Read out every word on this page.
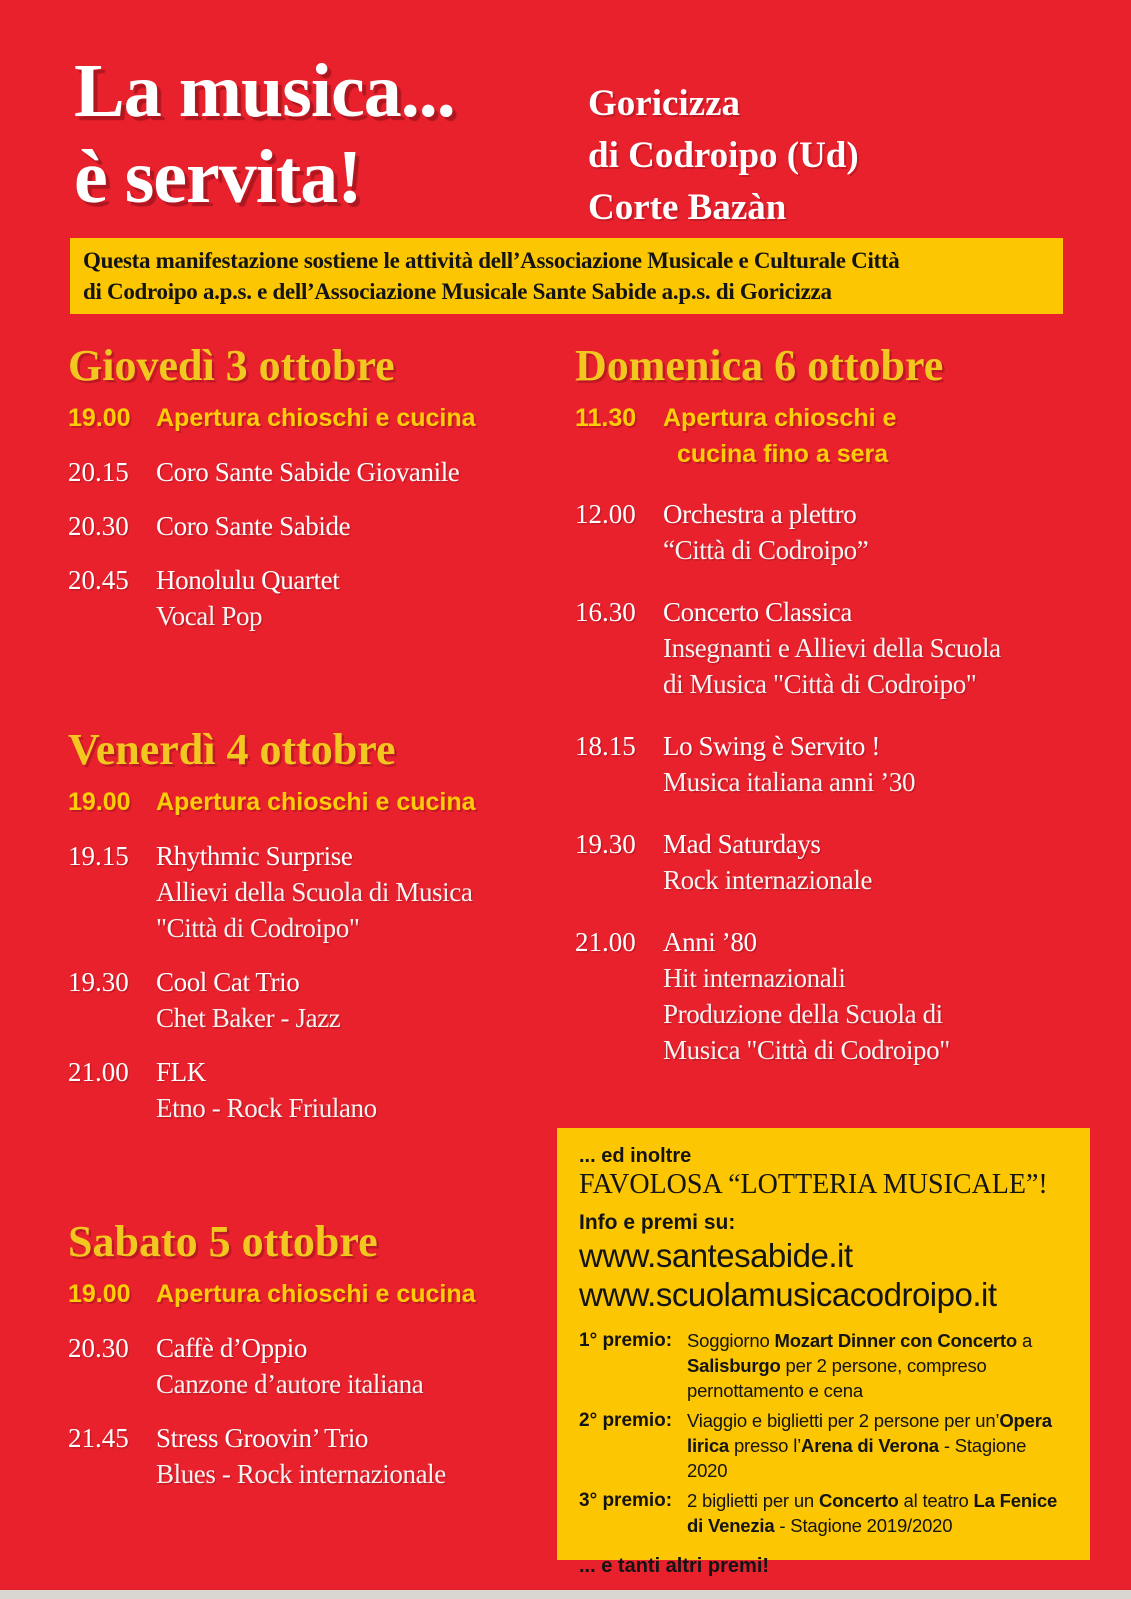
La musica...
è servita!
Goricizza
di Codroipo (Ud)
Corte Bazàn
Questa manifestazione sostiene le attività dell’Associazione Musicale e Culturale Città
di Codroipo a.p.s. e dell’Associazione Musicale Sante Sabide a.p.s. di Goricizza
Giovedì 3 ottobre
19.00	Apertura chioschi e cucina
20.15	Coro Sante Sabide Giovanile
20.30	Coro Sante Sabide
20.45	Honolulu Quartet
Vocal Pop
Venerdì 4 ottobre
19.00	Apertura chioschi e cucina
19.15	Rhythmic Surprise
Allievi della Scuola di Musica
"Città di Codroipo"
19.30	Cool Cat Trio
Chet Baker - Jazz
21.00	FLK
Etno - Rock Friulano
Sabato 5 ottobre
19.00	Apertura chioschi e cucina
20.30	Caffè d’Oppio
Canzone d’autore italiana
21.45	Stress Groovin’ Trio
Blues - Rock internazionale
Domenica 6 ottobre
11.30	Apertura chioschi e
cucina fino a sera
12.00	Orchestra a plettro
“Città di Codroipo”
16.30	Concerto Classica
Insegnanti e Allievi della Scuola
di Musica "Città di Codroipo"
18.15	Lo Swing è Servito !
Musica italiana anni ’30
19.30	Mad Saturdays
Rock internazionale
21.00	Anni ’80
Hit internazionali
Produzione della Scuola di
Musica "Città di Codroipo"
... ed inoltre
FAVOLOSA “LOTTERIA MUSICALE”!
Info e premi su:
www.santesabide.it
www.scuolamusicacodroipo.it
1° premio: Soggiorno Mozart Dinner con Concerto a Salisburgo per 2 persone, compreso pernottamento e cena
2° premio: Viaggio e biglietti per 2 persone per un’Opera lirica presso l’Arena di Verona - Stagione 2020
3° premio: 2 biglietti per un Concerto al teatro La Fenice di Venezia - Stagione 2019/2020
... e tanti altri premi!
